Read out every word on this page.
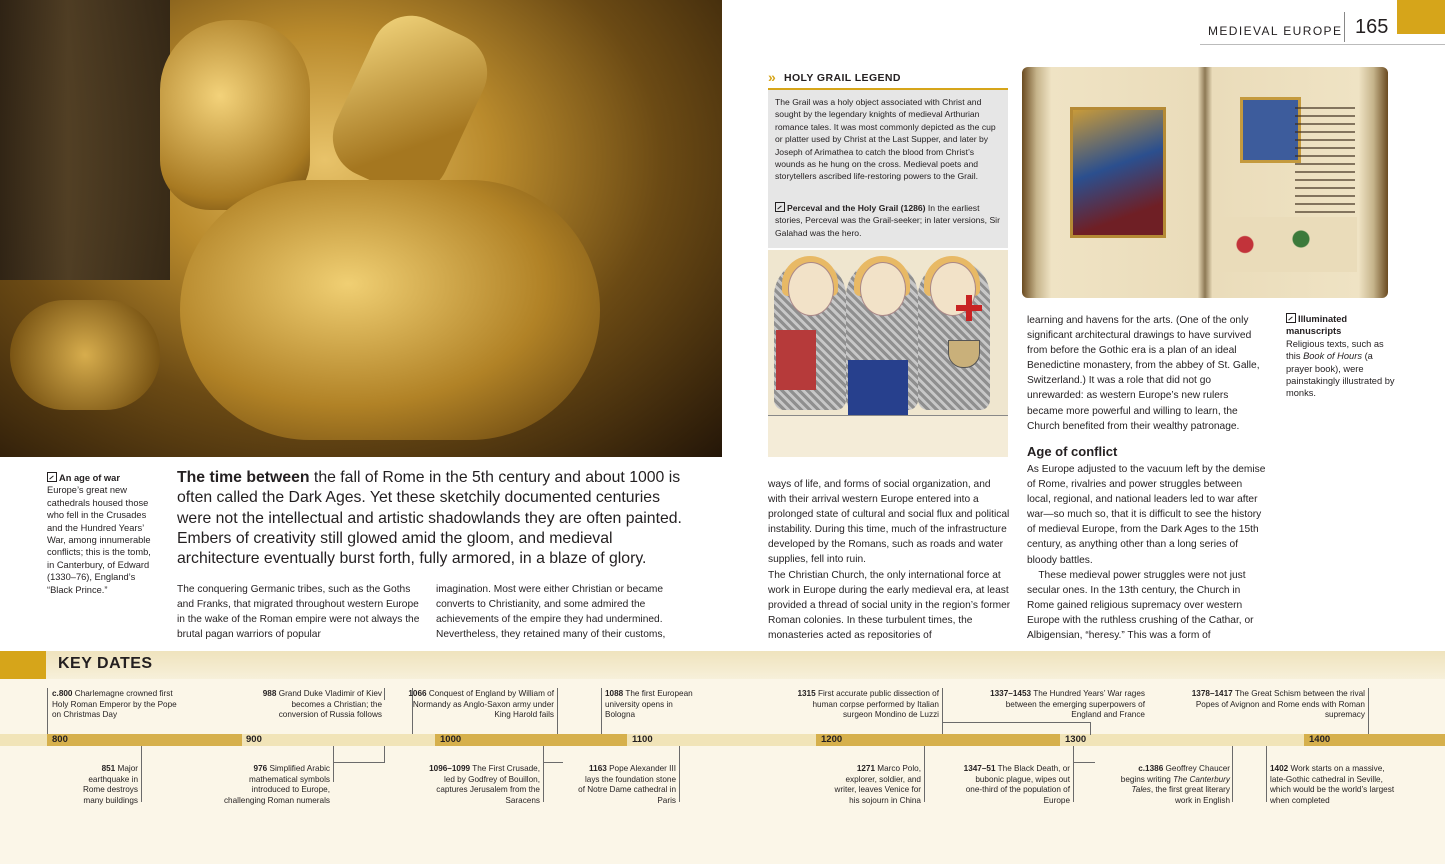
MEDIEVAL EUROPE 165
» HOLY GRAIL LEGEND
The Grail was a holy object associated with Christ and sought by the legendary knights of medieval Arthurian romance tales. It was most commonly depicted as the cup or platter used by Christ at the Last Supper, and later by Joseph of Arimathea to catch the blood from Christ’s wounds as he hung on the cross. Medieval poets and storytellers ascribed life-restoring powers to the Grail.
Perceval and the Holy Grail (1286) In the earliest stories, Perceval was the Grail-seeker; in later versions, Sir Galahad was the hero.
An age of war
Europe’s great new cathedrals housed those who fell in the Crusades and the Hundred Years’ War, among innumerable conflicts; this is the tomb, in Canterbury, of Edward (1330–76), England’s “Black Prince.”
Illuminated manuscripts
Religious texts, such as this Book of Hours (a prayer book), were painstakingly illustrated by monks.
The time between the fall of Rome in the 5th century and about 1000 is often called the Dark Ages. Yet these sketchily documented centuries were not the intellectual and artistic shadowlands they are often painted. Embers of creativity still glowed amid the gloom, and medieval architecture eventually burst forth, fully armored, in a blaze of glory.
The conquering Germanic tribes, such as the Goths and Franks, that migrated throughout western Europe in the wake of the Roman empire were not always the brutal pagan warriors of popular
imagination. Most were either Christian or became converts to Christianity, and some admired the achievements of the empire they had undermined. Nevertheless, they retained many of their customs,
ways of life, and forms of social organization, and with their arrival western Europe entered into a prolonged state of cultural and social flux and political instability. During this time, much of the infrastructure developed by the Romans, such as roads and water supplies, fell into ruin.
The Christian Church, the only international force at work in Europe during the early medieval era, at least provided a thread of social unity in the region’s former Roman colonies. In these turbulent times, the monasteries acted as repositories of
learning and havens for the arts. (One of the only significant architectural drawings to have survived from before the Gothic era is a plan of an ideal Benedictine monastery, from the abbey of St. Galle, Switzerland.) It was a role that did not go unrewarded: as western Europe’s new rulers became more powerful and willing to learn, the Church benefited from their wealthy patronage.
Age of conflict
As Europe adjusted to the vacuum left by the demise of Rome, rivalries and power struggles between local, regional, and national leaders led to war after war—so much so, that it is difficult to see the history of medieval Europe, from the Dark Ages to the 15th century, as anything other than a long series of bloody battles.
These medieval power struggles were not just secular ones. In the 13th century, the Church in Rome gained religious supremacy over western Europe with the ruthless crushing of the Cathar, or Albigensian, “heresy.” This was a form of
KEY DATES
800	900	1000	1100	1200	1300	1400
c.800 Charlemagne crowned first Holy Roman Emperor by the Pope on Christmas Day
988 Grand Duke Vladimir of Kiev becomes a Christian; the conversion of Russia follows
1066 Conquest of England by William of Normandy as Anglo-Saxon army under King Harold fails
1088 The first European university opens in Bologna
1315 First accurate public dissection of human corpse performed by Italian surgeon Mondino de Luzzi
1337–1453 The Hundred Years’ War rages between the emerging superpowers of England and France
1378–1417 The Great Schism between the rival Popes of Avignon and Rome ends with Roman supremacy
851 Major earthquake in Rome destroys many buildings
976 Simplified Arabic mathematical symbols introduced to Europe, challenging Roman numerals
1096–1099 The First Crusade, led by Godfrey of Bouillon, captures Jerusalem from the Saracens
1163 Pope Alexander III lays the foundation stone of Notre Dame cathedral in Paris
1271 Marco Polo, explorer, soldier, and writer, leaves Venice for his sojourn in China
1347–51 The Black Death, or bubonic plague, wipes out one-third of the population of Europe
c.1386 Geoffrey Chaucer begins writing The Canterbury Tales, the first great literary work in English
1402 Work starts on a massive, late-Gothic cathedral in Seville, which would be the world’s largest when completed
